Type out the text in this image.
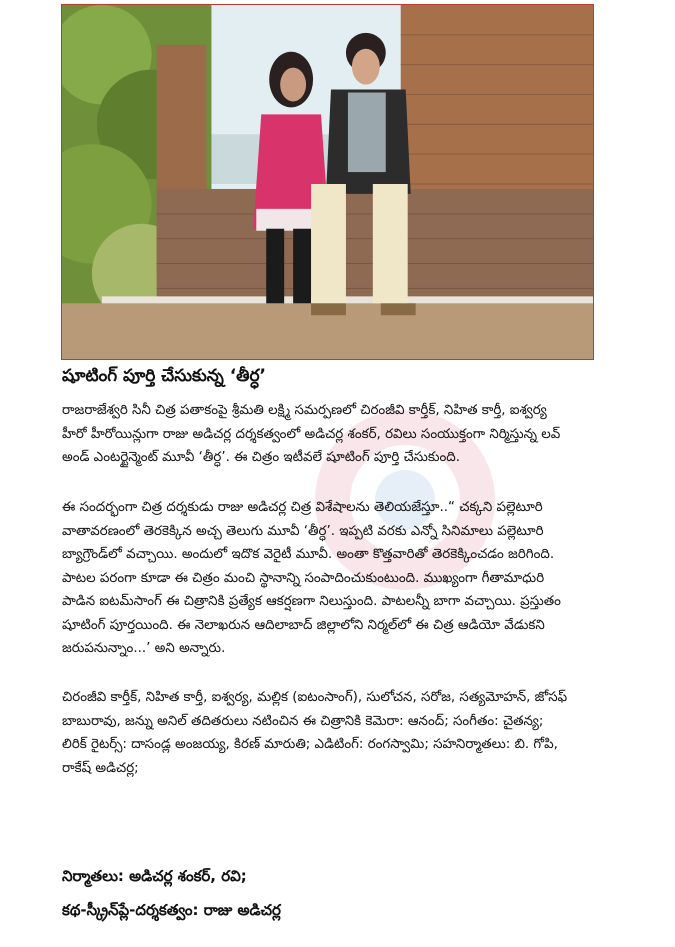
షూటింగ్ పూర్తి చేసుకున్న ‘తీర్ధ’
రాజరాజేశ్వరి సినీ చిత్ర పతాకంపై శ్రీమతి లక్ష్మి సమర్పణలో చిరంజీవి కార్తీక్, నిహిత కార్తీ, ఐశ్వర్య
హీరో హీరోయిన్లుగా రాజు అడిచర్ల దర్శకత్వంలో అడిచర్ల శంకర్, రవిలు సంయుక్తంగా నిర్మిస్తున్న లవ్
అండ్ ఎంటర్టైన్మెంట్ మూవీ ‘తీర్ధ’. ఈ చిత్రం ఇటీవలే షూటింగ్ పూర్తి చేసుకుంది.
ఈ సందర్భంగా చిత్ర దర్శకుడు రాజు అడిచర్ల చిత్ర విశేషాలను తెలియజేస్తూ..“ చక్కని పల్లెటూరి
వాతావరణంలో తెరకెక్కిన అచ్చ తెలుగు మూవీ ‘తీర్ధ’. ఇప్పటి వరకు ఎన్నో సినిమాలు పల్లెటూరి
బ్యాగ్రౌండ్‌లో వచ్చాయి. అందులో ఇదొక వెరైటీ మూవీ. అంతా కొత్తవారితో తెరకెక్కించడం జరిగింది.
పాటల పరంగా కూడా ఈ చిత్రం మంచి స్థానాన్ని సంపాదించుకుంటుంది. ముఖ్యంగా గీతామాధురి
పాడిన ఐటమ్‌సాంగ్ ఈ చిత్రానికి ప్రత్యేక ఆకర్షణగా నిలుస్తుంది. పాటలన్నీ బాగా వచ్చాయి. ప్రస్తుతం
షూటింగ్ పూర్తయింది. ఈ నెలాఖరున ఆదిలాబాద్ జిల్లాలోని నిర్మల్‌లో ఈ చిత్ర ఆడియో వేడుకని
జరుపనున్నాం...’ అని అన్నారు.
చిరంజీవి కార్తీక్, నిహిత కార్తీ, ఐశ్వర్య, మల్లిక (ఐటంసాంగ్), సులోచన, సరోజ, సత్యమోహన్, జోసఫ్
బాబురావు, జన్ను అనిల్ తదితరులు నటించిన ఈ చిత్రానికి కెమెరా: ఆనంద్; సంగీతం: చైతన్య;
లిరిక్ రైటర్స్: దాసండ్ల అంజయ్య, కిరణ్ మారుతి; ఎడిటింగ్: రంగస్వామి; సహనిర్మాతలు: బి. గోపి,
రాకేష్ అడిచర్ల;
నిర్మాతలు: అడిచర్ల శంకర్, రవి;
కథ-స్క్రీన్‌ప్లే-దర్శకత్వం: రాజు అడిచర్ల
